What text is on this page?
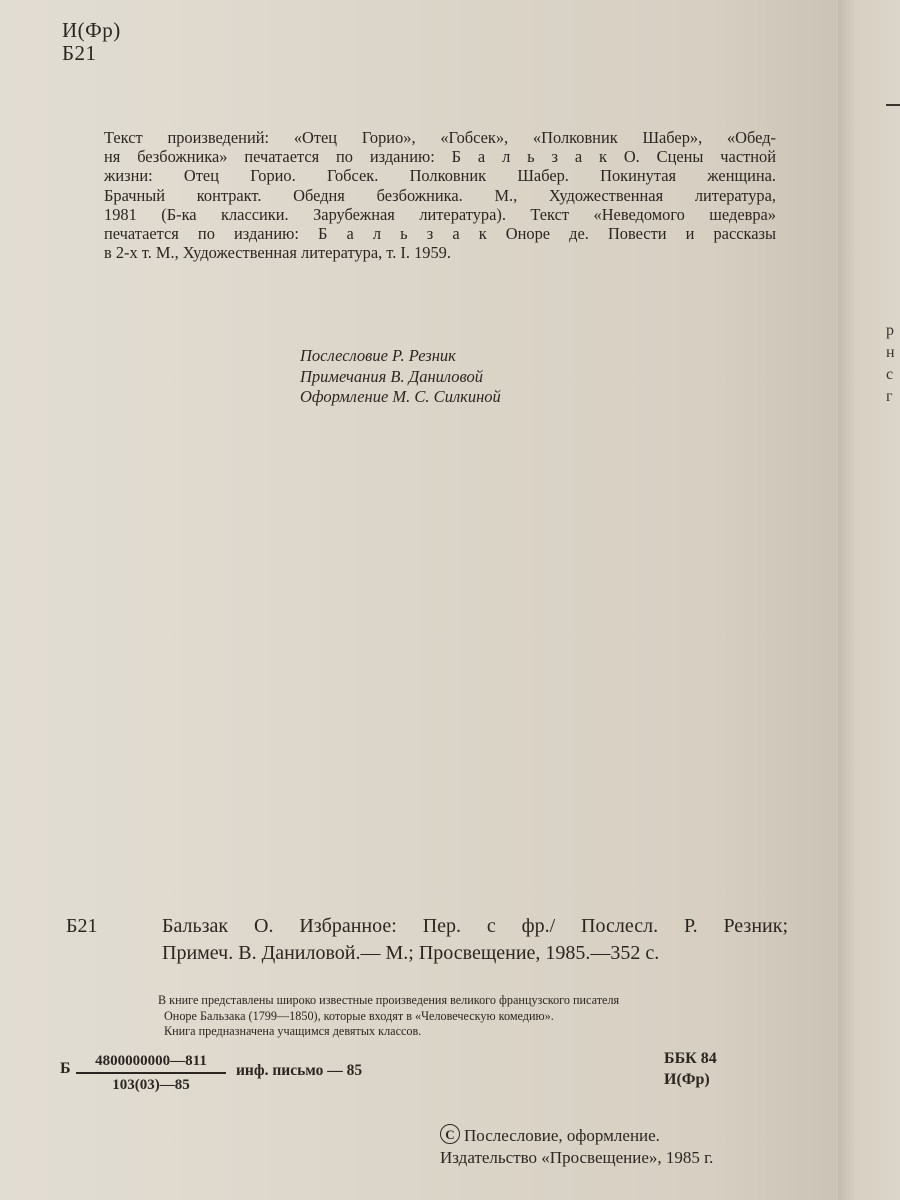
И(Фр)
Б21
Текст произведений: «Отец Горио», «Гобсек», «Полковник Шабер», «Обед-
ня безбожника» печатается по изданию: Б а л ь з а к О. Сцены частной
жизни: Отец Горио. Гобсек. Полковник Шабер. Покинутая женщина.
Брачный контракт. Обедня безбожника. М., Художественная литература,
1981 (Б-ка классики. Зарубежная литература). Текст «Неведомого шедевра»
печатается по изданию: Б а л ь з а к Оноре де. Повести и рассказы
в 2-х т. М., Художественная литература, т. I. 1959.
Послесловие Р. Резник
Примечания В. Даниловой
Оформление М. С. Силкиной
Б21	Бальзак О. Избранное: Пер. с фр./ Послесл. Р. Резник;
Примеч. В. Даниловой.— М.; Просвещение, 1985.—352 с.
В книге представлены широко известные произведения великого французского писателя
Оноре Бальзака (1799—1850), которые входят в «Человеческую комедию».
Книга предназначена учащимся девятых классов.
Б	4800000000—811
103(03)—85
инф. письмо — 85
ББК 84
И(Фр)
CПослесловие, оформление.
Издательство «Просвещение», 1985 г.
р
н
с
г
